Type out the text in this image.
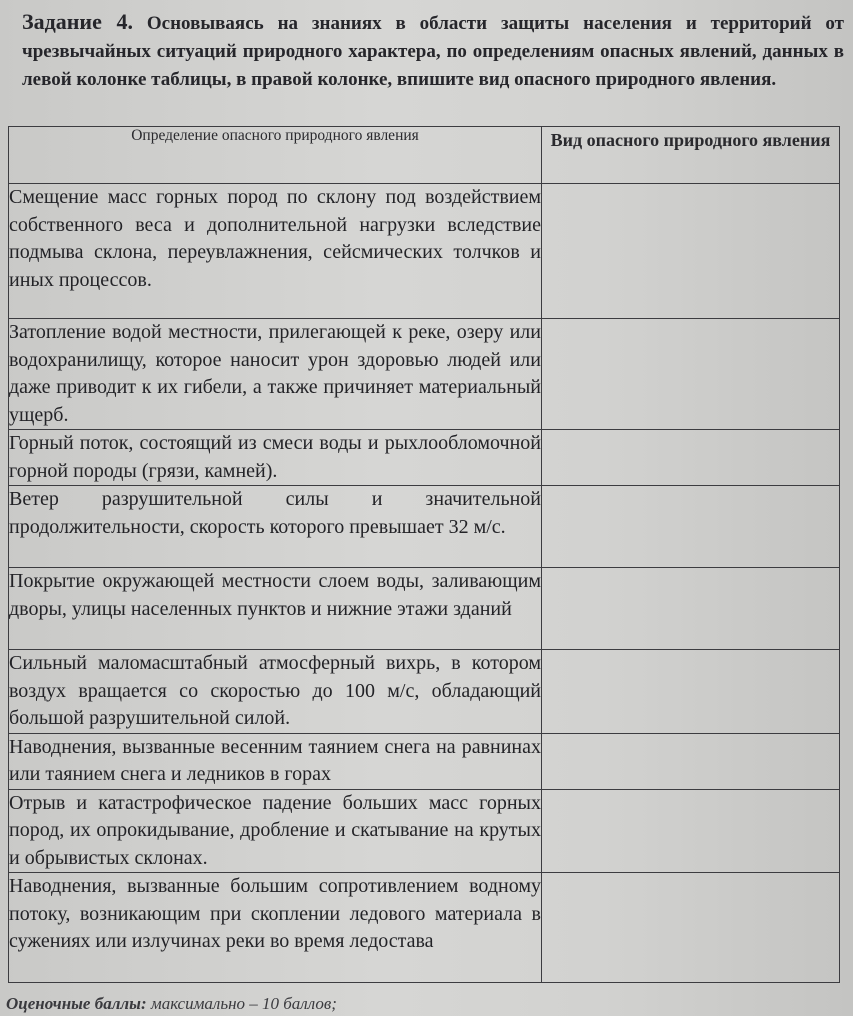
Задание 4. Основываясь на знаниях в области защиты населения и территорий от чрезвычайных ситуаций природного характера, по определениям опасных явлений, данных в левой колонке таблицы, в правой колонке, впишите вид опасного природного явления.
Определение опасного природного явления	Вид опасного природного явления
Смещение масс горных пород по склону под воздействием собственного веса и дополнительной нагрузки вследствие подмыва склона, переувлажнения, сейсмических толчков и иных процессов.	
Затопление водой местности, прилегающей к реке, озеру или водохранилищу, которое наносит урон здоровью людей или даже приводит к их гибели, а также причиняет материальный ущерб.	
Горный поток, состоящий из смеси воды и рыхлообломочной горной породы (грязи, камней).	
Ветер разрушительной силы и значительной продолжительности, скорость которого превышает 32 м/с.	
Покрытие окружающей местности слоем воды, заливающим дворы, улицы населенных пунктов и нижние этажи зданий	
Сильный маломасштабный атмосферный вихрь, в котором воздух вращается со скоростью до 100 м/с, обладающий большой разрушительной силой.	
Наводнения, вызванные весенним таянием снега на равнинах или таянием снега и ледников в горах	
Отрыв и катастрофическое падение больших масс горных пород, их опрокидывание, дробление и скатывание на крутых и обрывистых склонах.	
Наводнения, вызванные большим сопротивлением водному потоку, возникающим при скоплении ледового материала в сужениях или излучинах реки во время ледостава	
Оценочные баллы: максимально – 10 баллов;
